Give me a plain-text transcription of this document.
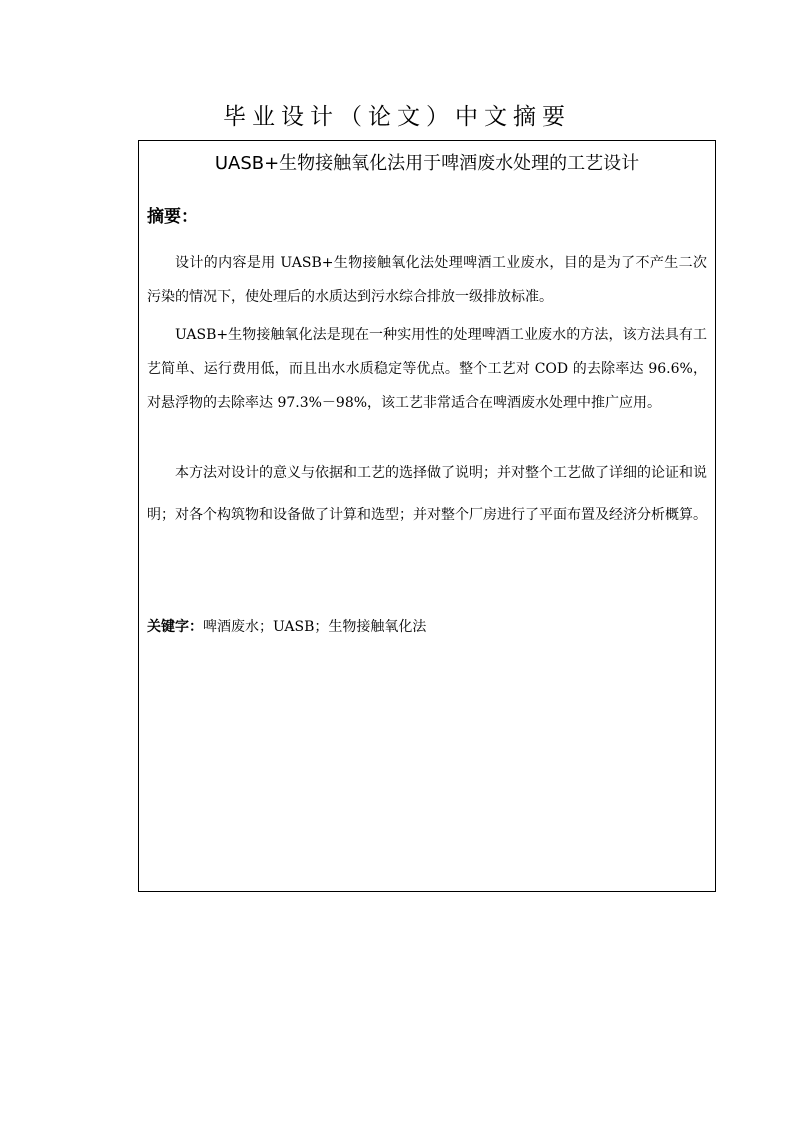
毕业设计（论文）中文摘要
UASB+生物接触氧化法用于啤酒废水处理的工艺设计
摘要：

设计的内容是用 UASB+生物接触氧化法处理啤酒工业废水，目的是为了不产生二次污染的情况下，使处理后的水质达到污水综合排放一级排放标准。

UASB+生物接触氧化法是现在一种实用性的处理啤酒工业废水的方法，该方法具有工艺简单、运行费用低，而且出水水质稳定等优点。整个工艺对 COD 的去除率达 96.6%，对悬浮物的去除率达 97.3%－98%，该工艺非常适合在啤酒废水处理中推广应用。

本方法对设计的意义与依据和工艺的选择做了说明；并对整个工艺做了详细的论证和说明；对各个构筑物和设备做了计算和选型；并对整个厂房进行了平面布置及经济分析概算。

关键字：啤酒废水；UASB；生物接触氧化法
